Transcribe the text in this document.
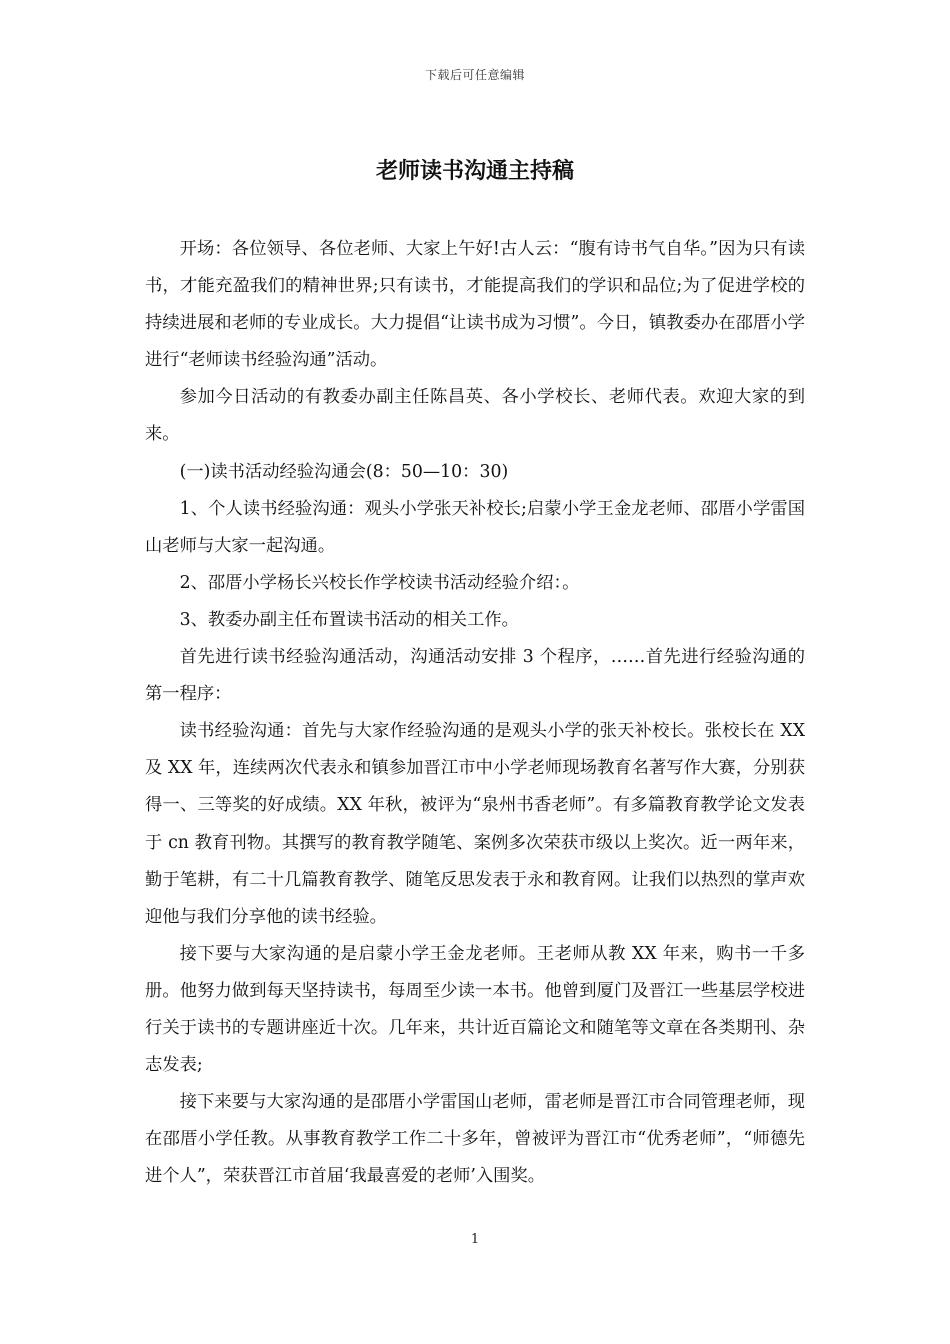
下载后可任意编辑
老师读书沟通主持稿

开场：各位领导、各位老师、大家上午好!古人云：“腹有诗书气自华。”因为只有读书，才能充盈我们的精神世界;只有读书，才能提高我们的学识和品位;为了促进学校的持续进展和老师的专业成长。大力提倡“让读书成为习惯”。今日，镇教委办在邵厝小学进行“老师读书经验沟通”活动。

参加今日活动的有教委办副主任陈昌英、各小学校长、老师代表。欢迎大家的到来。

(一)读书活动经验沟通会(8：50—10：30)

1、个人读书经验沟通：观头小学张天补校长;启蒙小学王金龙老师、邵厝小学雷国山老师与大家一起沟通。

2、邵厝小学杨长兴校长作学校读书活动经验介绍：。

3、教委办副主任布置读书活动的相关工作。

首先进行读书经验沟通活动，沟通活动安排 3 个程序，……首先进行经验沟通的第一程序：

读书经验沟通：首先与大家作经验沟通的是观头小学的张天补校长。张校长在 XX 及 XX 年，连续两次代表永和镇参加晋江市中小学老师现场教育名著写作大赛，分别获得一、三等奖的好成绩。XX 年秋，被评为“泉州书香老师”。有多篇教育教学论文发表于 cn 教育刊物。其撰写的教育教学随笔、案例多次荣获市级以上奖次。近一两年来，勤于笔耕，有二十几篇教育教学、随笔反思发表于永和教育网。让我们以热烈的掌声欢迎他与我们分享他的读书经验。

接下要与大家沟通的是启蒙小学王金龙老师。王老师从教 XX 年来，购书一千多册。他努力做到每天坚持读书，每周至少读一本书。他曾到厦门及晋江一些基层学校进行关于读书的专题讲座近十次。几年来，共计近百篇论文和随笔等文章在各类期刊、杂志发表;

接下来要与大家沟通的是邵厝小学雷国山老师，雷老师是晋江市合同管理老师，现在邵厝小学任教。从事教育教学工作二十多年，曾被评为晋江市“优秀老师”，“师德先进个人”，荣获晋江市首届‘我最喜爱的老师’入围奖。

1
